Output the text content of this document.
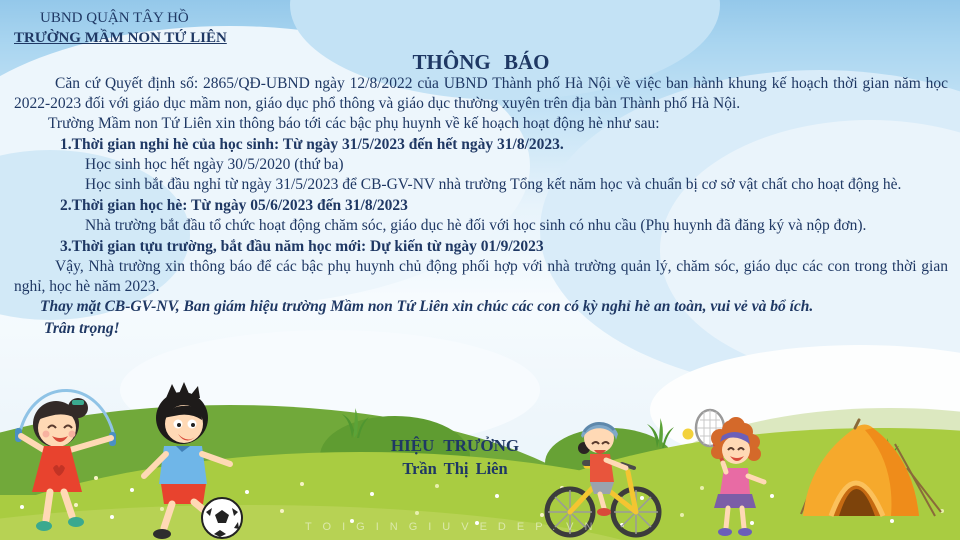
UBND QUẬN TÂY HỒ
TRƯỜNG MẦM NON TỨ LIÊN
THÔNG BÁO
Căn cứ Quyết định số: 2865/QĐ-UBND ngày 12/8/2022 của UBND Thành phố Hà Nội về việc ban hành khung kế hoạch thời gian năm học 2022-2023 đối với giáo dục mầm non, giáo dục phổ thông và giáo dục thường xuyên trên địa bàn Thành phố Hà Nội.
Trường Mầm non Tứ Liên xin thông báo tới các bậc phụ huynh về kế hoạch hoạt động hè như sau:
1.Thời gian nghỉ hè của học sinh: Từ ngày 31/5/2023 đến hết ngày 31/8/2023.
Học sinh học hết ngày 30/5/2020 (thứ ba)
Học sinh bắt đầu nghỉ từ ngày 31/5/2023 để CB-GV-NV nhà trường Tổng kết năm học và chuẩn bị cơ sở vật chất cho hoạt động hè.
2.Thời gian học hè: Từ ngày 05/6/2023 đến 31/8/2023
Nhà trường bắt đầu tổ chức hoạt động chăm sóc, giáo dục hè đối với học sinh có nhu cầu (Phụ huynh đã đăng ký và nộp đơn).
3.Thời gian tựu trường, bắt đầu năm học mới: Dự kiến từ ngày 01/9/2023
Vậy, Nhà trường xin thông báo để các bậc phụ huynh chủ động phối hợp với nhà trường quản lý, chăm sóc, giáo dục các con trong thời gian nghỉ, học hè năm 2023.
Thay mặt CB-GV-NV, Ban giám hiệu trường Mầm non Tứ Liên xin chúc các con có kỳ nghỉ hè an toàn, vui vẻ và bổ ích.
Trân trọng!
HIỆU TRƯỞNG
Trần Thị Liên
TOIGINGIUVEDEP.VN
